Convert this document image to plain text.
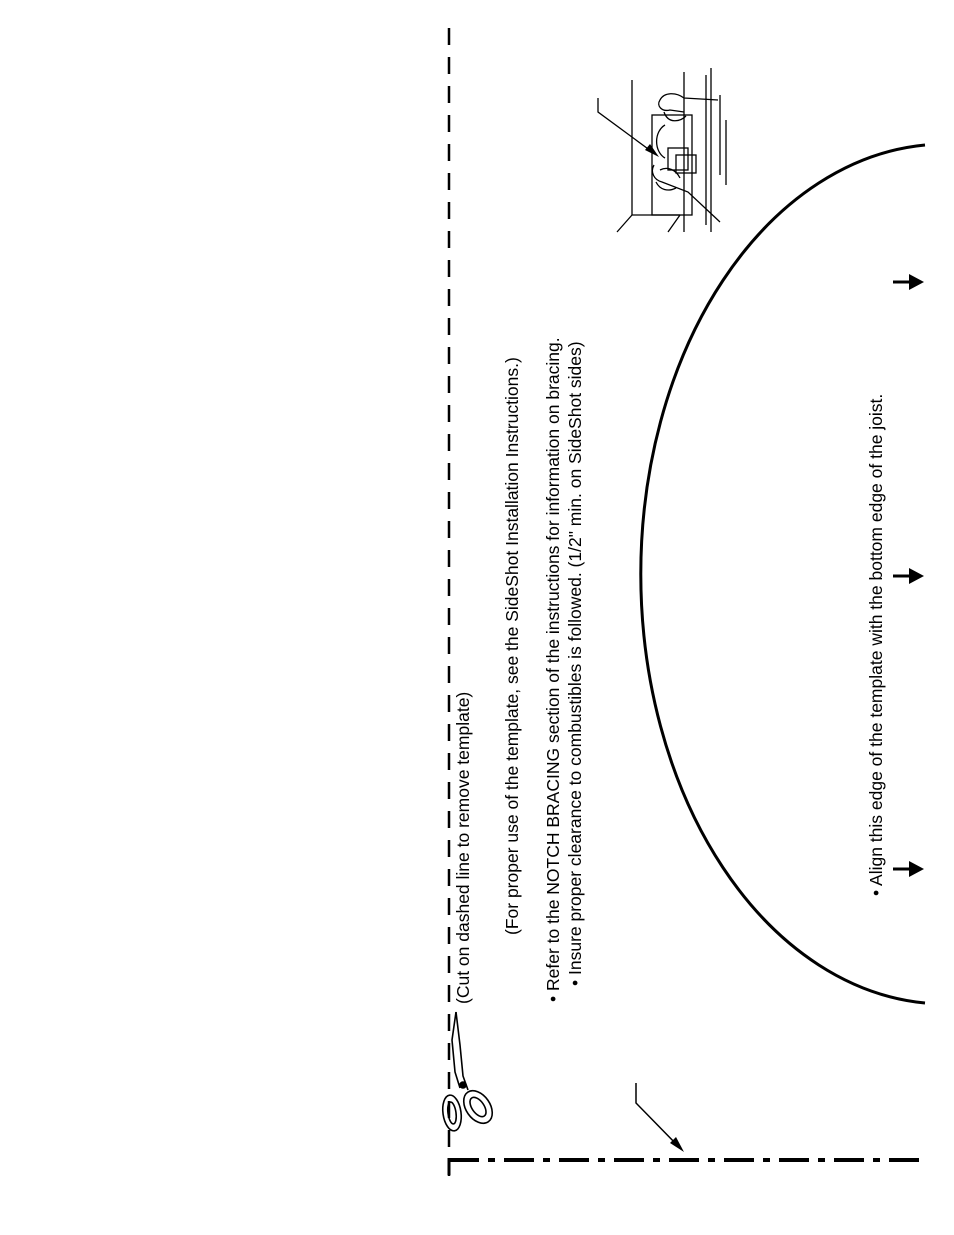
(Cut on dashed line to remove template) (For proper use of the template, see the SideShot Installation Instructions.) • Refer to the NOTCH BRACING section of the instructions for information on bracing. • Insure proper clearance to combustibles is followed. (1/2" min. on SideShot sides)	• Align this edge of the template with the bottom edge of the joist.
